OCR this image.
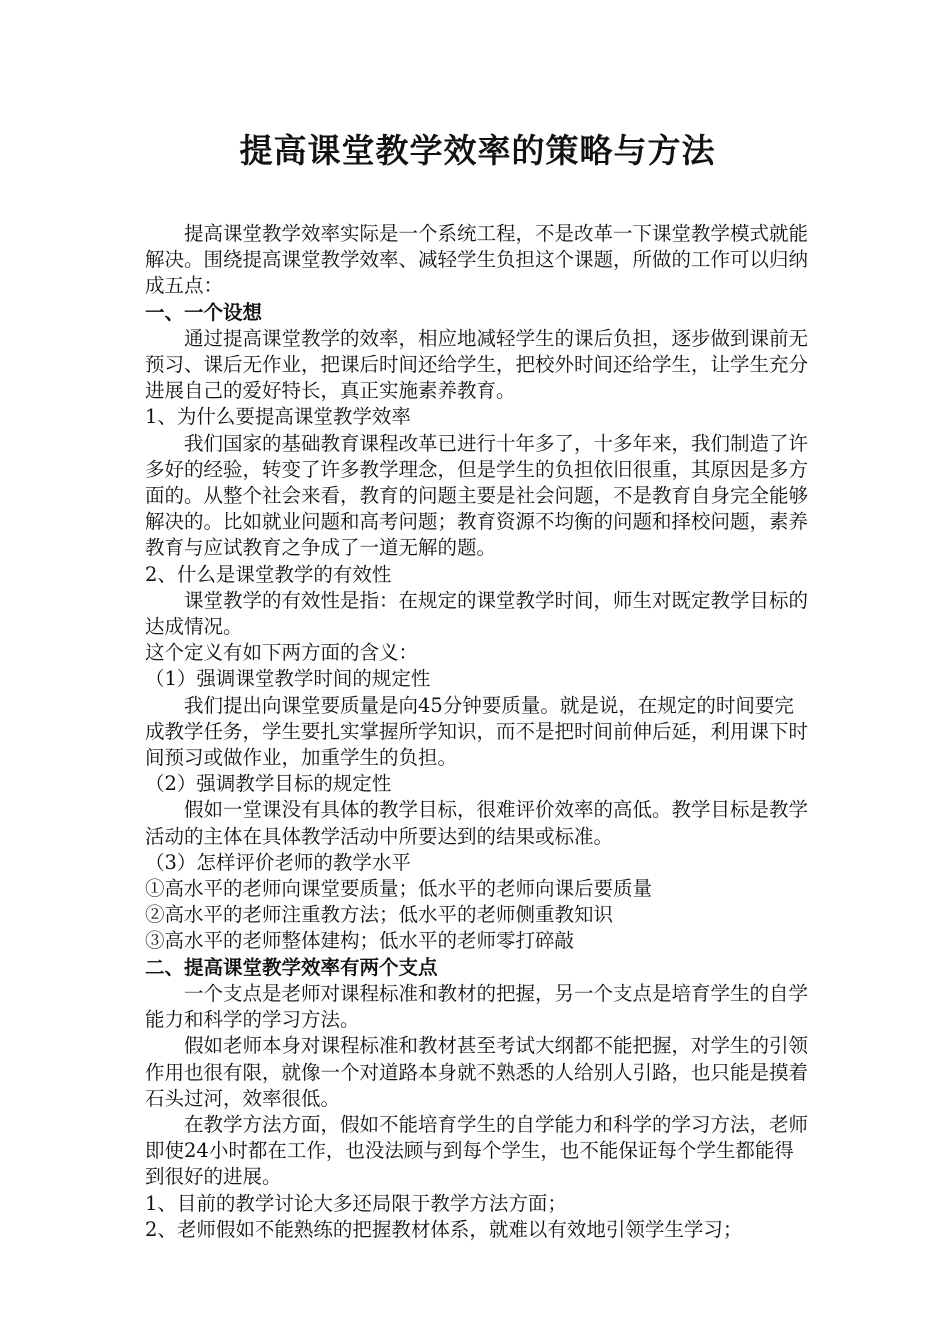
提高课堂教学效率的策略与方法

提高课堂教学效率实际是一个系统工程，不是改革一下课堂教学模式就能解决。围绕提高课堂教学效率、减轻学生负担这个课题，所做的工作可以归纳成五点：

一、一个设想

通过提高课堂教学的效率，相应地减轻学生的课后负担，逐步做到课前无预习、课后无作业，把课后时间还给学生，把校外时间还给学生，让学生充分进展自己的爱好特长，真正实施素养教育。

1、为什么要提高课堂教学效率

我们国家的基础教育课程改革已进行十年多了，十多年来，我们制造了许多好的经验，转变了许多教学理念，但是学生的负担依旧很重，其原因是多方面的。从整个社会来看，教育的问题主要是社会问题，不是教育自身完全能够解决的。比如就业问题和高考问题；教育资源不均衡的问题和择校问题，素养教育与应试教育之争成了一道无解的题。

2、什么是课堂教学的有效性

课堂教学的有效性是指：在规定的课堂教学时间，师生对既定教学目标的达成情况。

这个定义有如下两方面的含义：

（1）强调课堂教学时间的规定性

我们提出向课堂要质量是向45分钟要质量。就是说，在规定的时间要完成教学任务，学生要扎实掌握所学知识，而不是把时间前伸后延，利用课下时间预习或做作业，加重学生的负担。

（2）强调教学目标的规定性

假如一堂课没有具体的教学目标，很难评价效率的高低。教学目标是教学活动的主体在具体教学活动中所要达到的结果或标准。

（3）怎样评价老师的教学水平

①高水平的老师向课堂要质量；低水平的老师向课后要质量

②高水平的老师注重教方法；低水平的老师侧重教知识

③高水平的老师整体建构；低水平的老师零打碎敲

二、提高课堂教学效率有两个支点

一个支点是老师对课程标准和教材的把握，另一个支点是培育学生的自学能力和科学的学习方法。

假如老师本身对课程标准和教材甚至考试大纲都不能把握，对学生的引领作用也很有限，就像一个对道路本身就不熟悉的人给别人引路，也只能是摸着石头过河，效率很低。

在教学方法方面，假如不能培育学生的自学能力和科学的学习方法，老师即使24小时都在工作，也没法顾与到每个学生，也不能保证每个学生都能得到很好的进展。

1、目前的教学讨论大多还局限于教学方法方面；

2、老师假如不能熟练的把握教材体系，就难以有效地引领学生学习；
